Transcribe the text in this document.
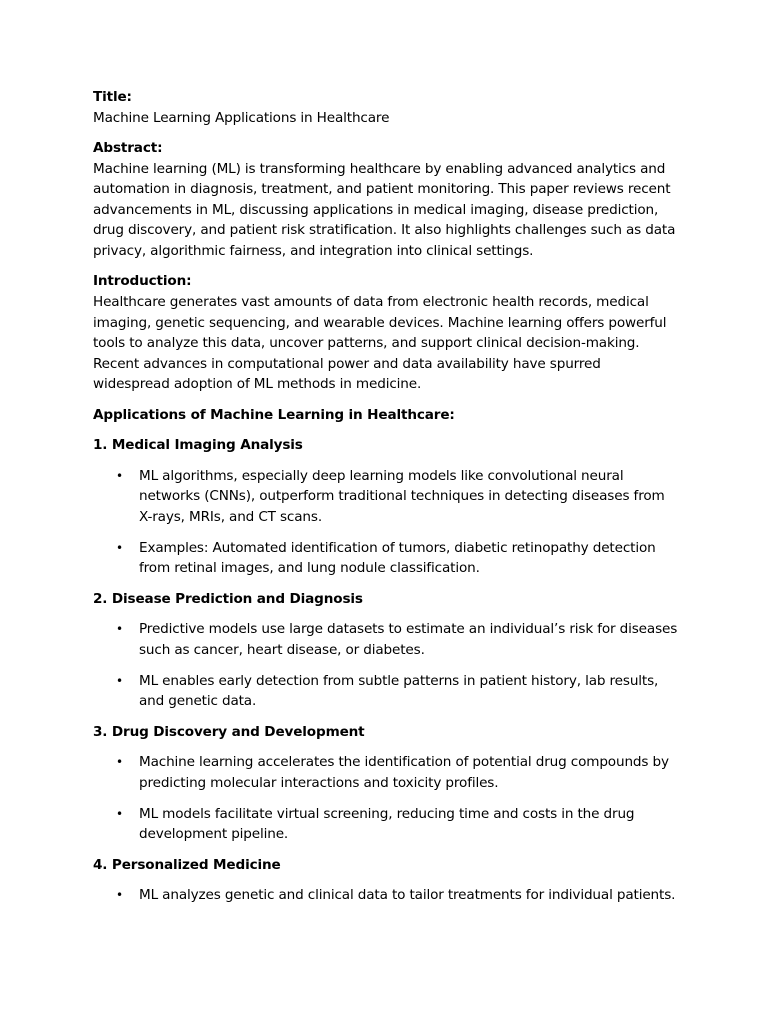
Title:

Machine Learning Applications in Healthcare

Abstract:

Machine learning (ML) is transforming healthcare by enabling advanced analytics and
automation in diagnosis, treatment, and patient monitoring. This paper reviews recent
advancements in ML, discussing applications in medical imaging, disease prediction,
drug discovery, and patient risk stratification. It also highlights challenges such as data
privacy, algorithmic fairness, and integration into clinical settings.

Introduction:

Healthcare generates vast amounts of data from electronic health records, medical
imaging, genetic sequencing, and wearable devices. Machine learning offers powerful
tools to analyze this data, uncover patterns, and support clinical decision-making.
Recent advances in computational power and data availability have spurred
widespread adoption of ML methods in medicine.

Applications of Machine Learning in Healthcare:

1. Medical Imaging Analysis

• ML algorithms, especially deep learning models like convolutional neural
networks (CNNs), outperform traditional techniques in detecting diseases from
X-rays, MRIs, and CT scans.
• Examples: Automated identification of tumors, diabetic retinopathy detection
from retinal images, and lung nodule classification.

2. Disease Prediction and Diagnosis

• Predictive models use large datasets to estimate an individual’s risk for diseases
such as cancer, heart disease, or diabetes.
• ML enables early detection from subtle patterns in patient history, lab results,
and genetic data.

3. Drug Discovery and Development

• Machine learning accelerates the identification of potential drug compounds by
predicting molecular interactions and toxicity profiles.
• ML models facilitate virtual screening, reducing time and costs in the drug
development pipeline.

4. Personalized Medicine

• ML analyzes genetic and clinical data to tailor treatments for individual patients.
